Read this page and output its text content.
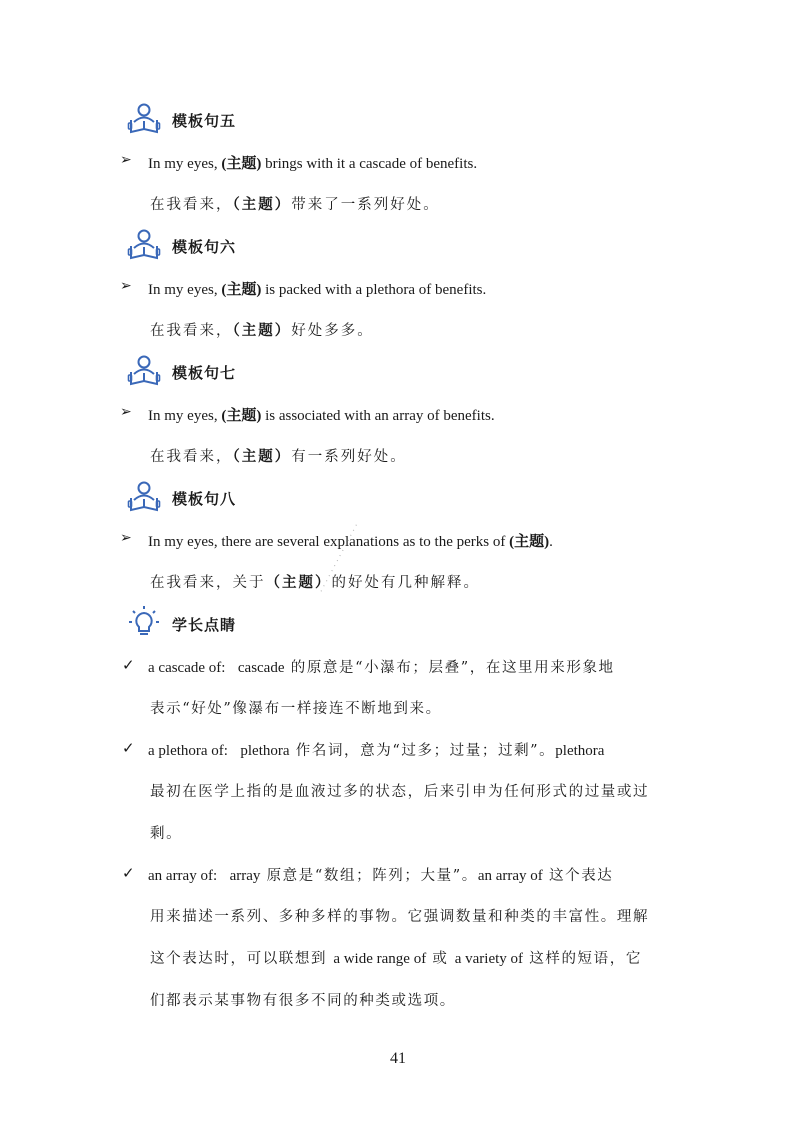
模板句五
➢ In my eyes, (主题) brings with it a cascade of benefits.
在我看来，（主题）带来了一系列好处。
模板句六
➢ In my eyes, (主题) is packed with a plethora of benefits.
在我看来，（主题）好处多多。
模板句七
➢ In my eyes, (主题) is associated with an array of benefits.
在我看来，（主题）有一系列好处。
模板句八
➢ In my eyes, there are several explanations as to the perks of (主题).
在我看来，关于（主题）的好处有几种解释。
· · · · · · · · · · · · · ·
学长点睛
✓ a cascade of: cascade 的原意是“小瀑布；层叠”，在这里用来形象地
表示“好处”像瀑布一样接连不断地到来。
✓ a plethora of: plethora 作名词，意为“过多；过量；过剩”。plethora
最初在医学上指的是血液过多的状态，后来引申为任何形式的过量或过
剩。
✓ an array of: array 原意是“数组；阵列；大量”。an array of 这个表达
用来描述一系列、多种多样的事物。它强调数量和种类的丰富性。理解
这个表达时，可以联想到 a wide range of 或 a variety of 这样的短语，它
们都表示某事物有很多不同的种类或选项。
41
